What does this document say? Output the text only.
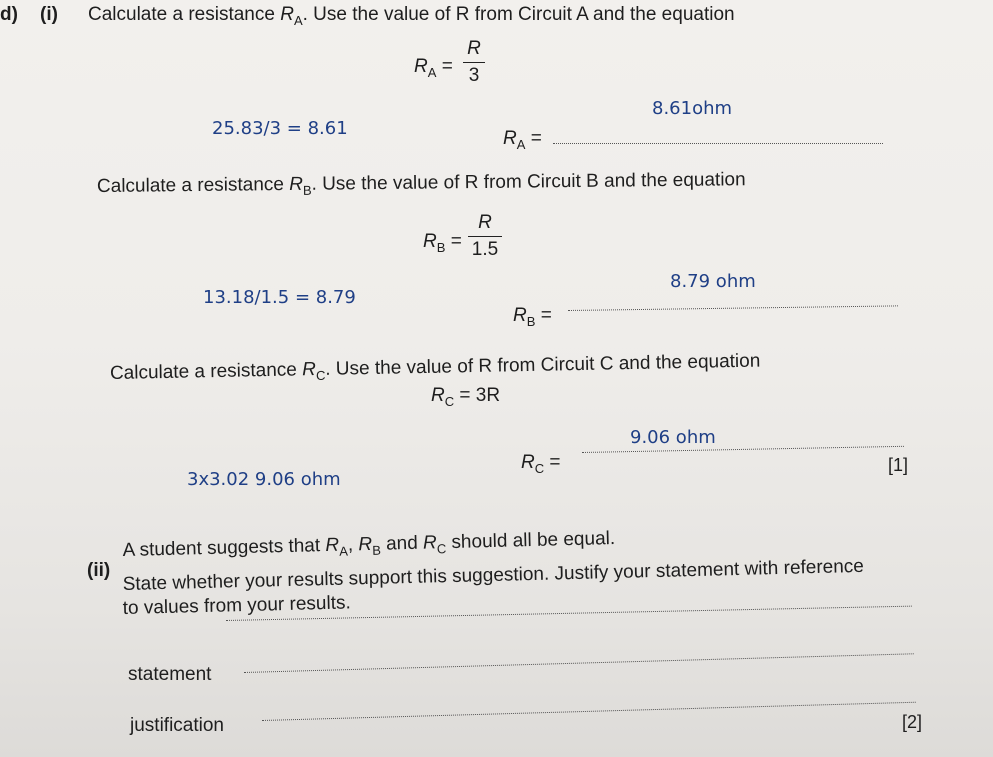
d) (i) Calculate a resistance $R_A$. Use the value of R from Circuit A and the equation
$R_A$ =
R
3
25.83/3 = 8.61
8.61ohm
$R_A$ =
Calculate a resistance $R_B$. Use the value of R from Circuit B and the equation
$R_B$ =
R
1.5
13.18/1.5 = 8.79
8.79 ohm
$R_B$ =
Calculate a resistance $R_C$. Use the value of R from Circuit C and the equation
$R_C = 3R$
9.06 ohm
$R_C$ =	[1]
3x3.02 9.06 ohm
(ii)
A student suggests that $R_A$, $R_B$ and $R_C$ should all be equal.
State whether your results support this suggestion. Justify your statement with reference
to values from your results.
statement
justification	[2]
